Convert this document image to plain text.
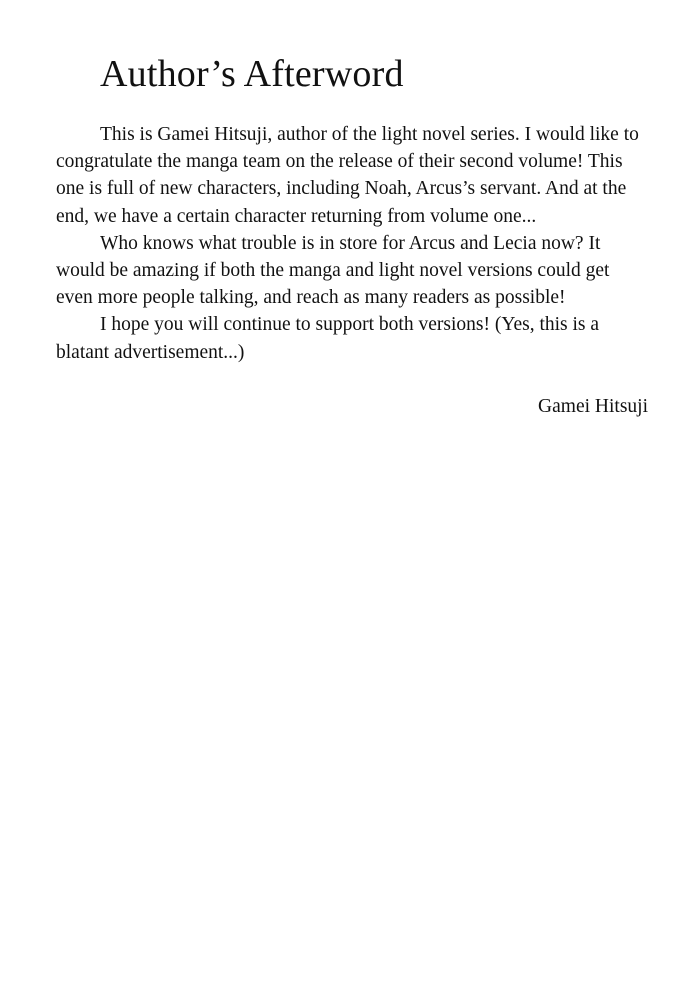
Author’s Afterword

This is Gamei Hitsuji, author of the light novel series. I would like to congratulate the manga team on the release of their second volume! This one is full of new characters, including Noah, Arcus’s servant. And at the end, we have a certain character returning from volume one...

Who knows what trouble is in store for Arcus and Lecia now? It would be amazing if both the manga and light novel versions could get even more people talking, and reach as many readers as possible!

I hope you will continue to support both versions! (Yes, this is a blatant advertisement...)

Gamei Hitsuji
